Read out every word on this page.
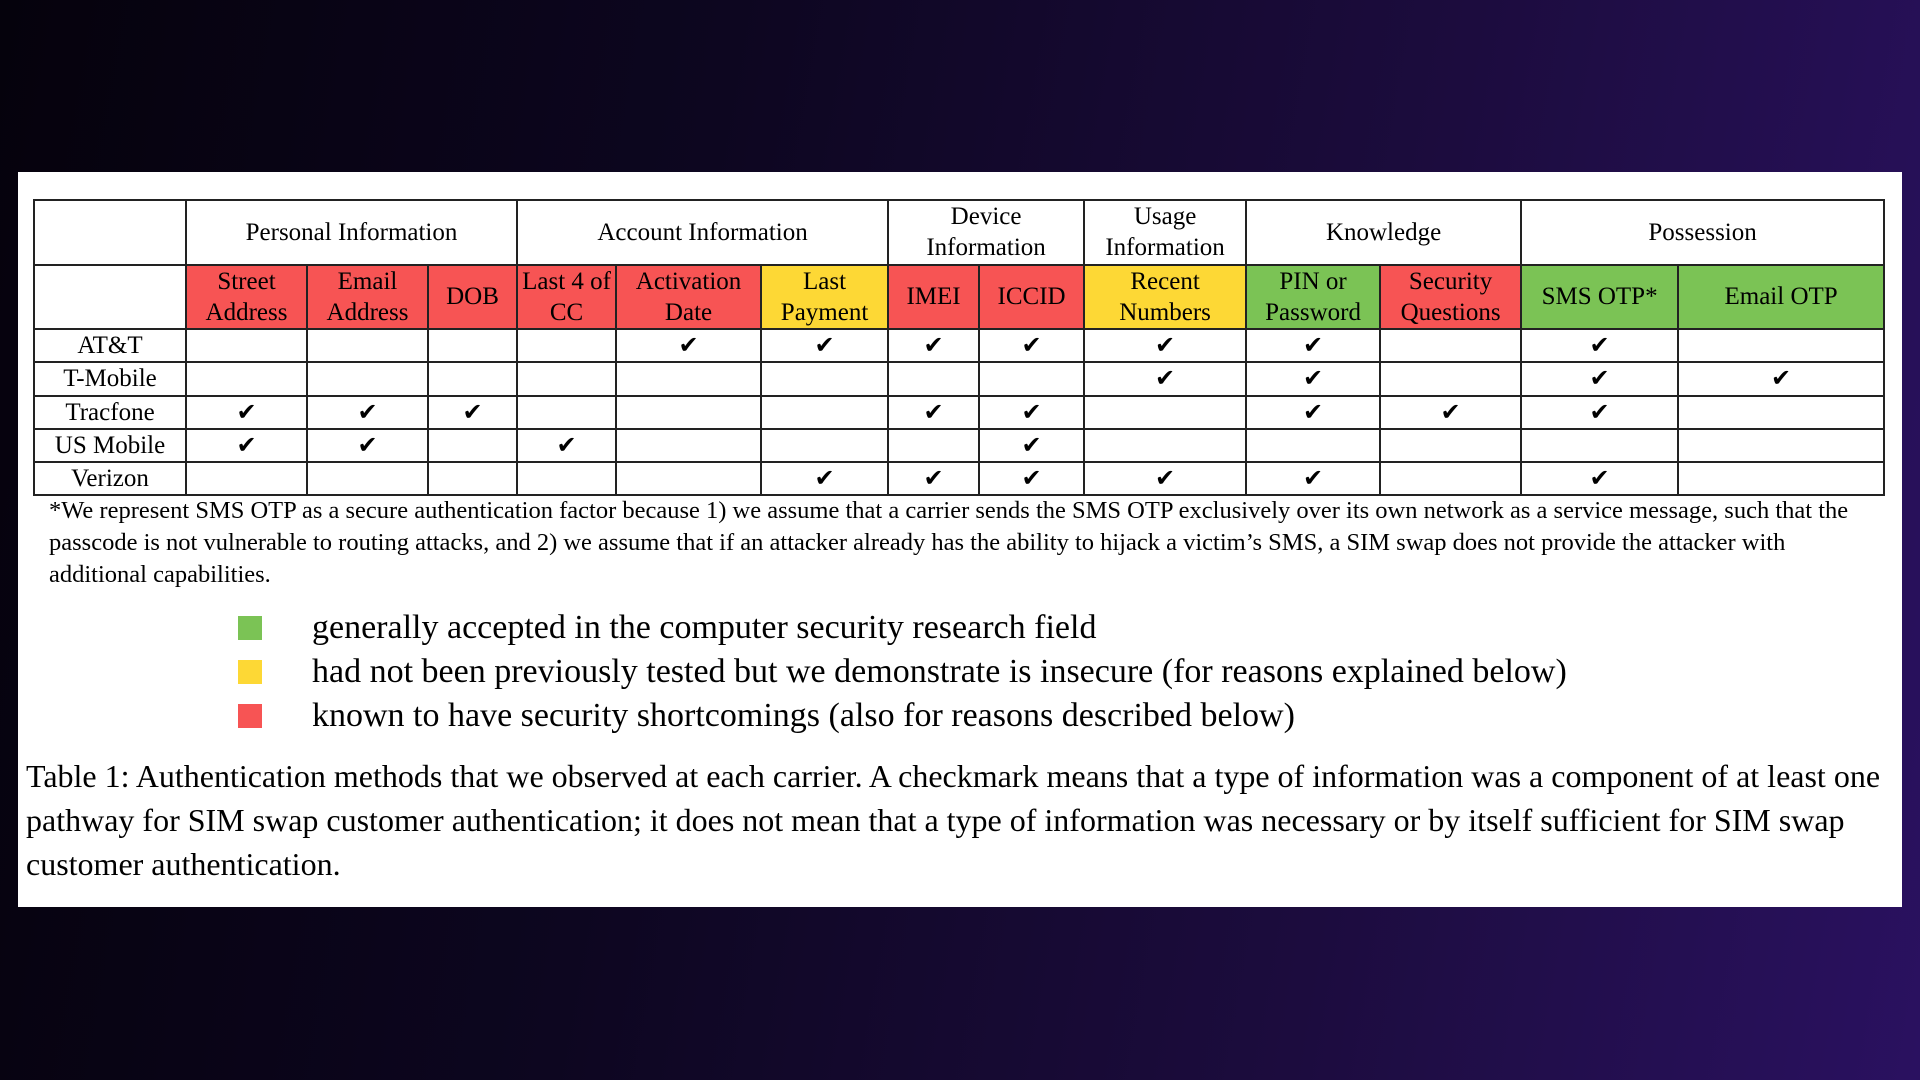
	Personal Information			Account Information			Device Information		Usage Information	Knowledge		Possession	
	Street Address	Email Address	DOB	Last 4 of CC	Activation Date	Last Payment	IMEI	ICCID	Recent Numbers	PIN or Password	Security Questions	SMS OTP*	Email OTP
AT&T					✔	✔	✔	✔	✔	✔		✔	
T-Mobile									✔	✔		✔	✔
Tracfone	✔	✔	✔				✔	✔		✔	✔	✔	
US Mobile	✔	✔		✔				✔					
Verizon						✔	✔	✔	✔	✔		✔	
*We represent SMS OTP as a secure authentication factor because 1) we assume that a carrier sends the SMS OTP exclusively over its own network as a service message, such that the passcode is not vulnerable to routing attacks, and 2) we assume that if an attacker already has the ability to hijack a victim’s SMS, a SIM swap does not provide the attacker with additional capabilities.
generally accepted in the computer security research field
had not been previously tested but we demonstrate is insecure (for reasons explained below)
known to have security shortcomings (also for reasons described below)
Table 1: Authentication methods that we observed at each carrier. A checkmark means that a type of information was a component of at least one pathway for SIM swap customer authentication; it does not mean that a type of information was necessary or by itself sufficient for SIM swap customer authentication.
